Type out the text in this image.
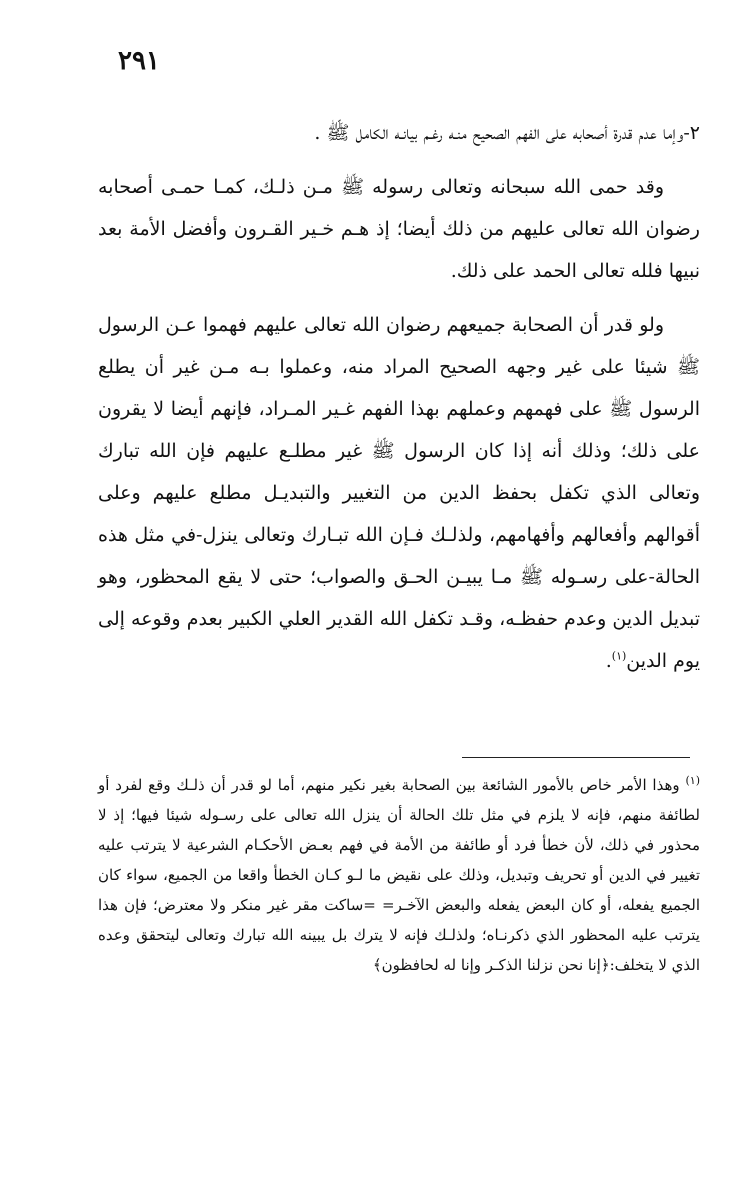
٢٩١

٢-وإما عدم قدرة أصحابه على الفهم الصحيح منـه رغـم بيانـه الكامل ﷺ .

وقد حمى الله سبحانه وتعالى رسوله ﷺ مـن ذلـك، كمـا حمـى أصحابه رضوان الله تعالى عليهم من ذلك أيضا؛ إذ هـم خـير القـرون وأفضل الأمة بعد نبيها فلله تعالى الحمد على ذلك.

ولو قدر أن الصحابة جميعهم رضوان الله تعالى عليهم فهموا عـن الرسول ﷺ شيئا على غير وجهه الصحيح المراد منه، وعملوا بـه مـن غير أن يطلع الرسول ﷺ على فهمهم وعملهم بهذا الفهم غـير المـراد، فإنهم أيضا لا يقرون على ذلك؛ وذلك أنه إذا كان الرسول ﷺ غير مطلـع عليهم فإن الله تبارك وتعالى الذي تكفل بحفظ الدين من التغيير والتبديـل مطلع عليهم وعلى أقوالهم وأفعالهم وأفهامهم، ولذلـك فـإن الله تبـارك وتعالى ينزل-في مثل هذه الحالة-على رسـوله ﷺ مـا يبيـن الحـق والصواب؛ حتى لا يقع المحظور، وهو تبديل الدين وعدم حفظـه، وقـد تكفل الله القدير العلي الكبير بعدم وقوعه إلى يوم الدين$^{(١)}$.

$^{(١)}$ وهذا الأمر خاص بالأمور الشائعة بين الصحابة بغير نكير منهم، أما لو قدر أن ذلـك وقع لفرد أو لطائفة منهم، فإنه لا يلزم في مثل تلك الحالة أن ينزل الله تعالى على رسـوله شيئا فيها؛ إذ لا محذور في ذلك، لأن خطأ فرد أو طائفة من الأمة في فهم بعـض الأحكـام الشرعية لا يترتب عليه تغيير في الدين أو تحريف وتبديل، وذلك على نقيض ما لـو كـان الخطأ واقعا من الجميع، سواء كان الجميع يفعله، أو كان البعض يفعله والبعض الآخـر= =ساكت مقر غير منكر ولا معترض؛ فإن هذا يترتب عليه المحظور الذي ذكرنـاه؛ ولذلـك فإنه لا يترك بل يبينه الله تبارك وتعالى ليتحقق وعده الذي لا يتخلف:﴿إنا نحن نزلنا الذكـر وإنا له لحافظون﴾
